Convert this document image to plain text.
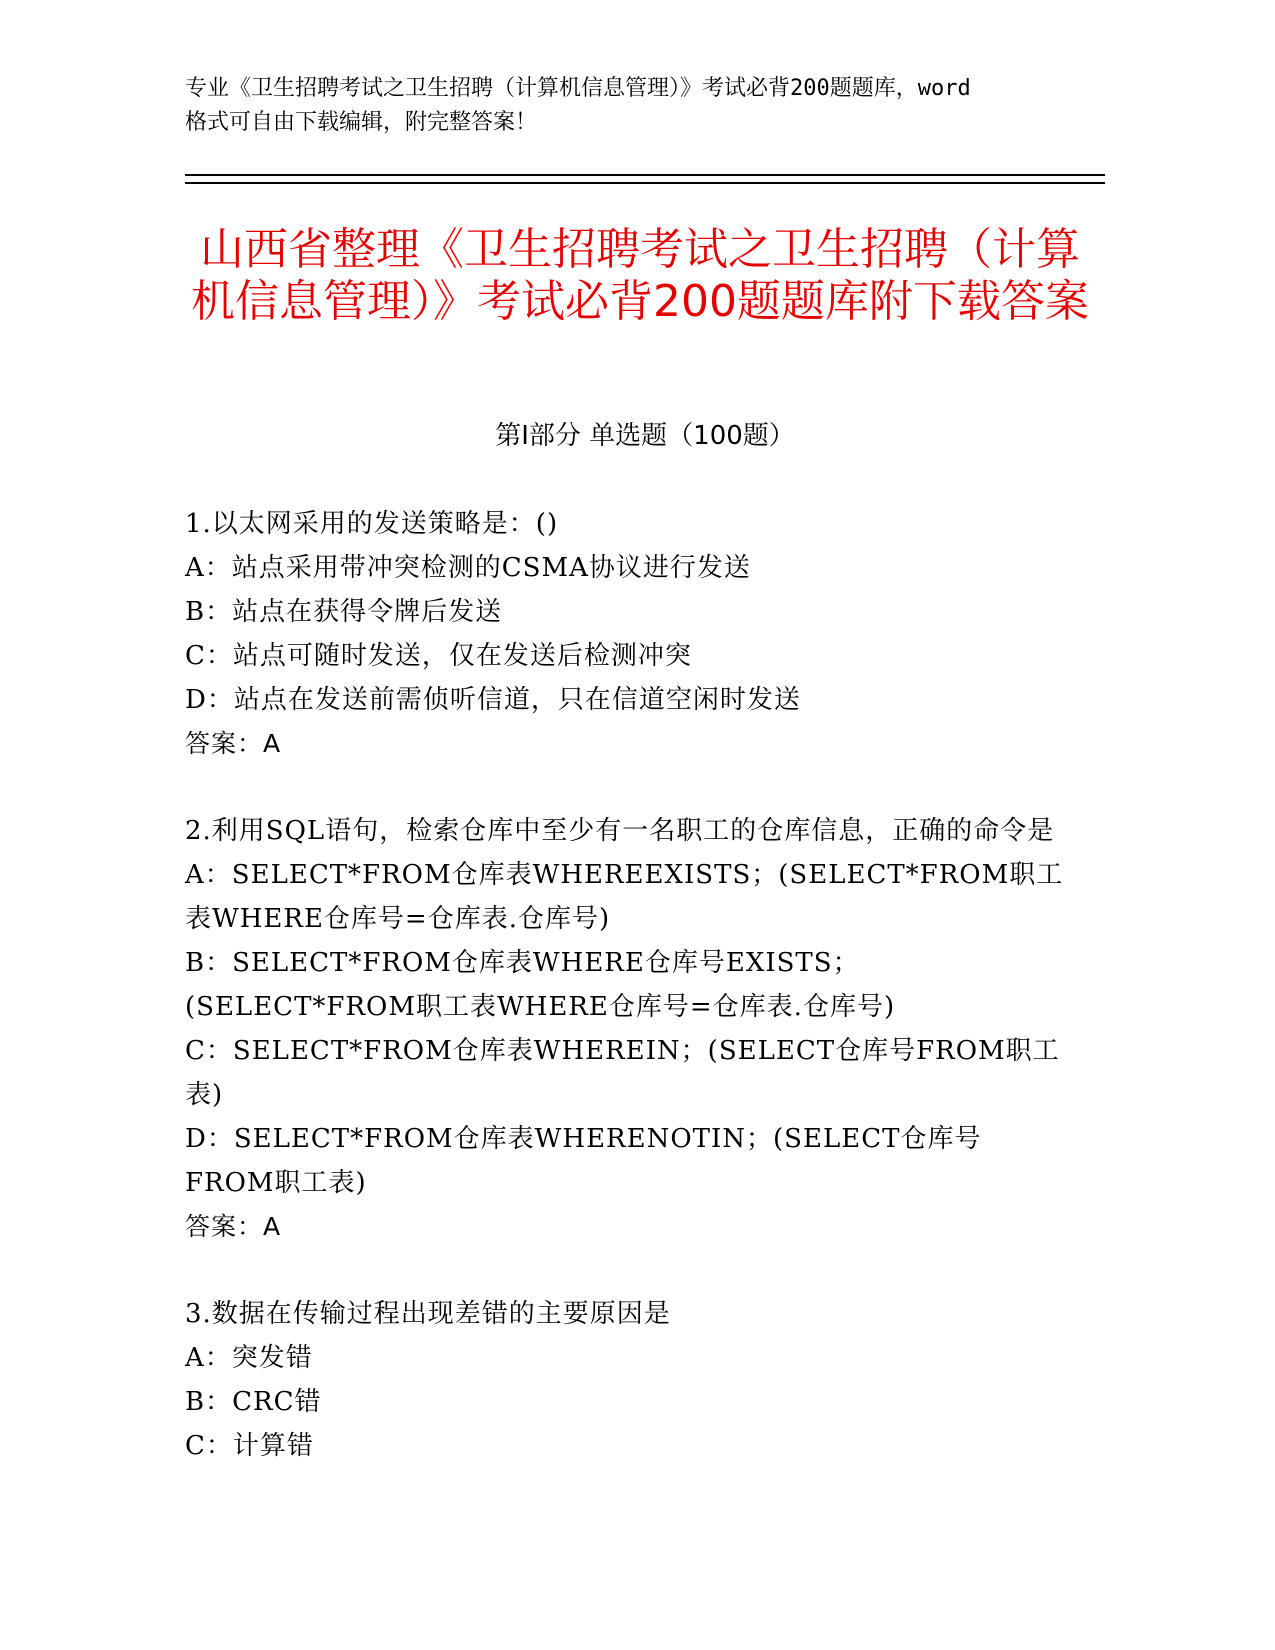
专业《卫生招聘考试之卫生招聘（计算机信息管理）》考试必背200题题库，word
格式可自由下载编辑，附完整答案！
山西省整理《卫生招聘考试之卫生招聘（计算机信息管理）》考试必背200题题库附下载答案
第Ⅰ部分 单选题（100题）

1.以太网采用的发送策略是：()

A：站点采用带冲突检测的CSMA协议进行发送

B：站点在获得令牌后发送

C：站点可随时发送，仅在发送后检测冲突

D：站点在发送前需侦听信道，只在信道空闲时发送

答案：A

2.利用SQL语句，检索仓库中至少有一名职工的仓库信息，正确的命令是

A：SELECT*FROM仓库表WHEREEXISTS；(SELECT*FROM职工表WHERE仓库号=仓库表.仓库号)

B：SELECT*FROM仓库表WHERE仓库号EXISTS；(SELECT*FROM职工表WHERE仓库号=仓库表.仓库号)

C：SELECT*FROM仓库表WHEREIN；(SELECT仓库号FROM职工表)

D：SELECT*FROM仓库表WHERENOTIN；(SELECT仓库号FROM职工表)

答案：A

3.数据在传输过程出现差错的主要原因是

A：突发错

B：CRC错

C：计算错
